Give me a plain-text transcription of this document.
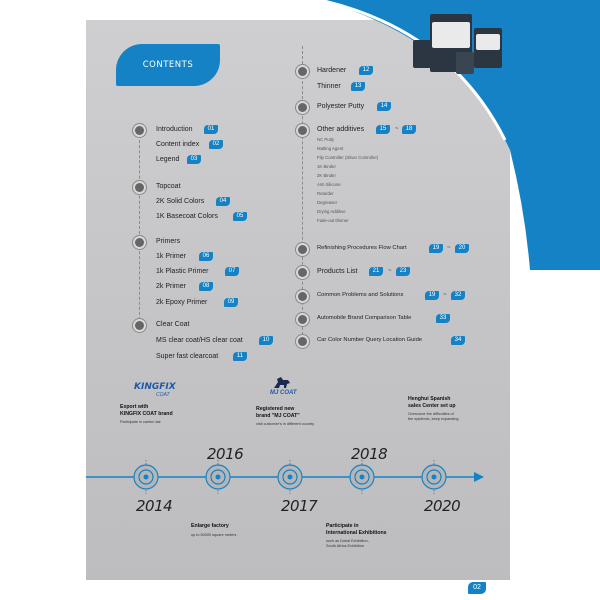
CONTENTS
Introduction	01
Content index	02
Legend	03
Topcoat
2K Solid Colors	04
1K Basecoat Colors	05
Primers
1k Primer	06
1k Plastic Primer	07
2k Primer	08
2k Epoxy Primer	09
Clear Coat
MS clear coat/HS clear coat	10
Super fast clearcoat	11
Hardener	12
Thinner	13
Polyester Putty	14
Other additives	15	~	18
NC Putty
Matting Agent
Flip Controller (Silver Controller)
1K Binder
2K Binder
Anti Silicone
Retarder
Degreaser
Drying Additive
Fade-out thinner
Refinishing Procedures Flow Chart	19	~	20
Products List	21	~	23
Common Problems and Solutions	19	~	32
Automobile Brand Comparison Table	33
Car Color Number Query Location Guide	34
KINGFIX
COAT	MJ COAT
Export with
KINGFIX COAT brand
Participate in canton fair
Registered new
brand "MJ COAT"
visit customer's in different country
Henghui Spanish
sales Center set up
Overcome the difficulties of
the epidemic, keep expanding
2016	2018
2014	2017	2020
Enlarge factory
up to 50000 square meters
Participate in
International Exhibitions
such as Dubai Exhibition,
South Africa Exhibition
02
